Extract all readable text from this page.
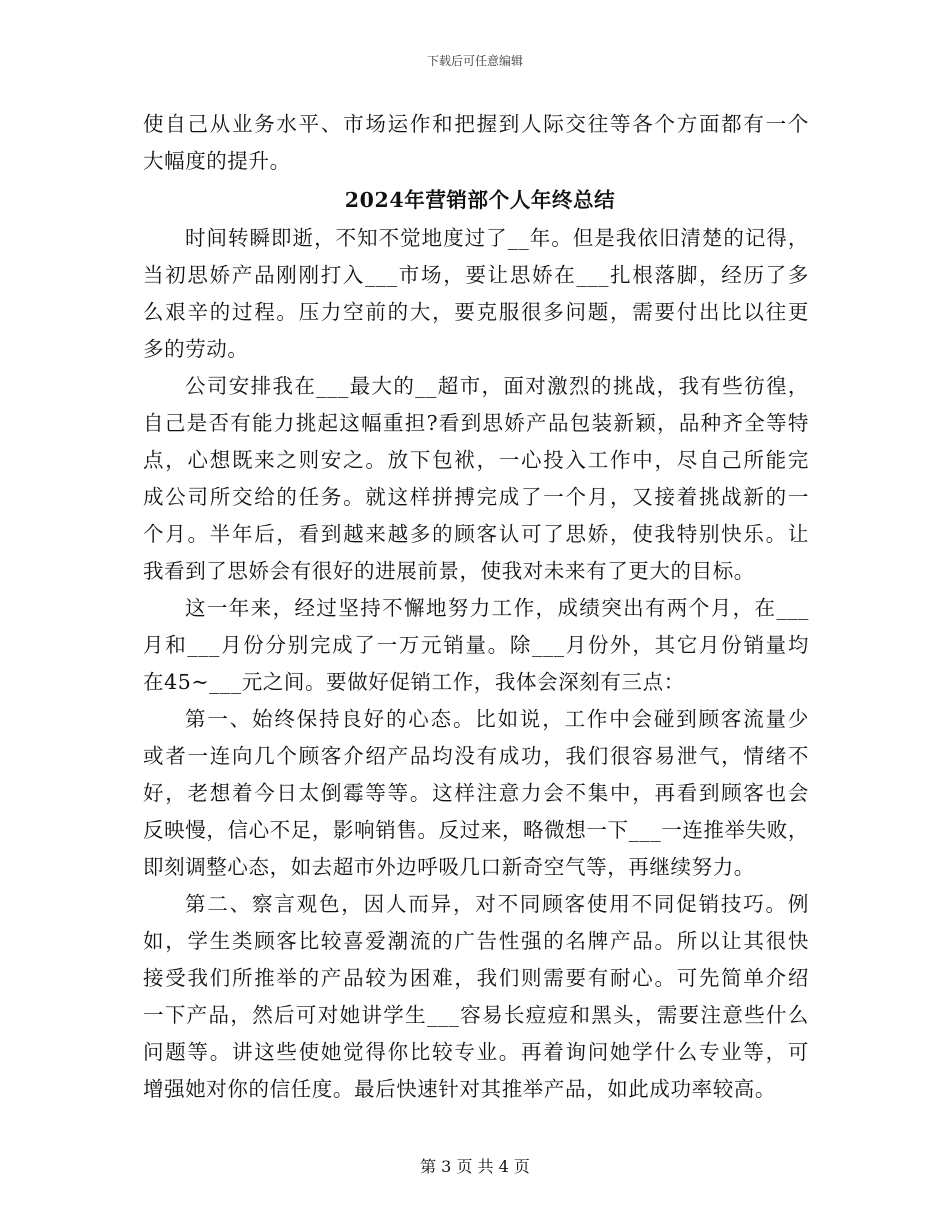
下载后可任意编辑
使自己从业务水平、市场运作和把握到人际交往等各个方面都有一个
大幅度的提升。
2024年营销部个人年终总结
时间转瞬即逝，不知不觉地度过了__年。但是我依旧清楚的记得，
当初思娇产品刚刚打入___市场，要让思娇在___扎根落脚，经历了多
么艰辛的过程。压力空前的大，要克服很多问题，需要付出比以往更
多的劳动。
公司安排我在___最大的__超市，面对激烈的挑战，我有些彷徨，
自己是否有能力挑起这幅重担?看到思娇产品包装新颖，品种齐全等特
点，心想既来之则安之。放下包袱，一心投入工作中，尽自己所能完
成公司所交给的任务。就这样拼搏完成了一个月，又接着挑战新的一
个月。半年后，看到越来越多的顾客认可了思娇，使我特别快乐。让
我看到了思娇会有很好的进展前景，使我对未来有了更大的目标。
这一年来，经过坚持不懈地努力工作，成绩突出有两个月，在___
月和___月份分别完成了一万元销量。除___月份外，其它月份销量均
在45~___元之间。要做好促销工作，我体会深刻有三点：
第一、始终保持良好的心态。比如说，工作中会碰到顾客流量少
或者一连向几个顾客介绍产品均没有成功，我们很容易泄气，情绪不
好，老想着今日太倒霉等等。这样注意力会不集中，再看到顾客也会
反映慢，信心不足，影响销售。反过来，略微想一下___一连推举失败，
即刻调整心态，如去超市外边呼吸几口新奇空气等，再继续努力。
第二、察言观色，因人而异，对不同顾客使用不同促销技巧。例
如，学生类顾客比较喜爱潮流的广告性强的名牌产品。所以让其很快
接受我们所推举的产品较为困难，我们则需要有耐心。可先简单介绍
一下产品，然后可对她讲学生___容易长痘痘和黑头，需要注意些什么
问题等。讲这些使她觉得你比较专业。再着询问她学什么专业等，可
增强她对你的信任度。最后快速针对其推举产品，如此成功率较高。
第 3 页 共 4 页
